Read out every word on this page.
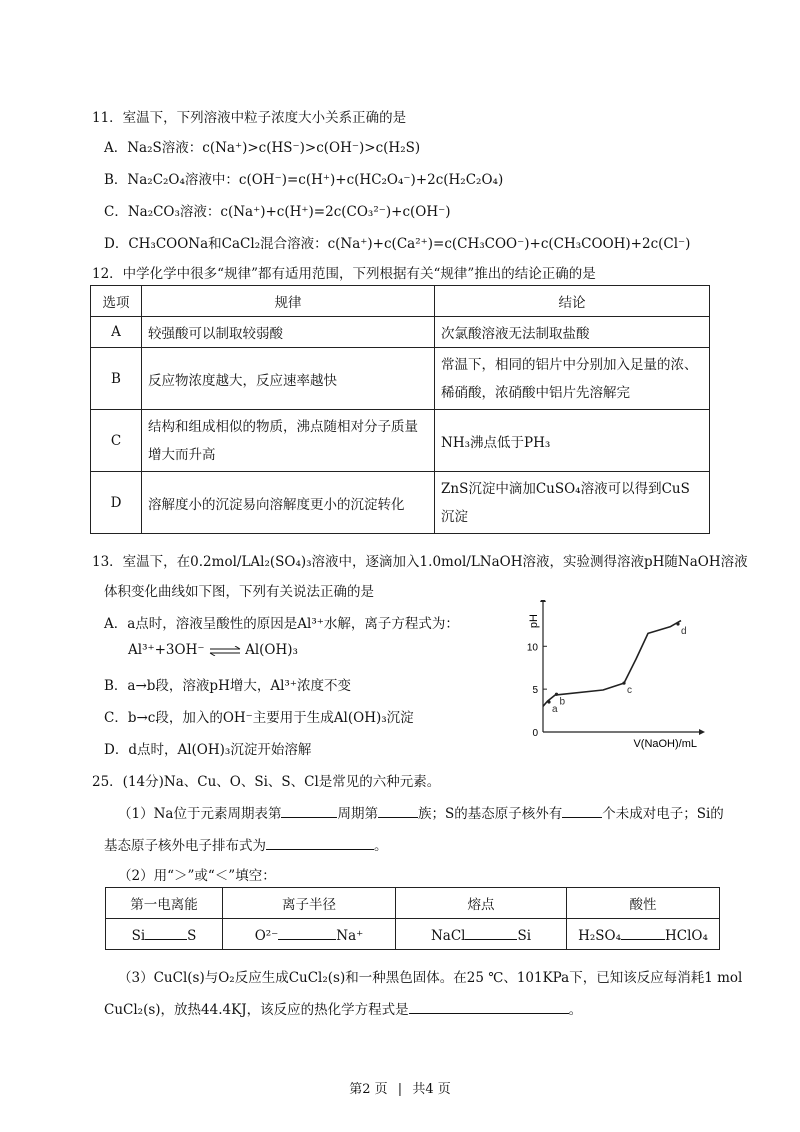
11．室温下，下列溶液中粒子浓度大小关系正确的是
A．Na₂S溶液：c(Na⁺)>c(HS⁻)>c(OH⁻)>c(H₂S)
B．Na₂C₂O₄溶液中：c(OH⁻)=c(H⁺)+c(HC₂O₄⁻)+2c(H₂C₂O₄)
C．Na₂CO₃溶液：c(Na⁺)+c(H⁺)=2c(CO₃²⁻)+c(OH⁻)
D．CH₃COONa和CaCl₂混合溶液：c(Na⁺)+c(Ca²⁺)=c(CH₃COO⁻)+c(CH₃COOH)+2c(Cl⁻)
12．中学化学中很多“规律”都有适用范围，下列根据有关“规律”推出的结论正确的是
选项	规律	结论
A	较强酸可以制取较弱酸	次氯酸溶液无法制取盐酸
B	反应物浓度越大，反应速率越快	常温下，相同的铝片中分别加入足量的浓、稀硝酸，浓硝酸中铝片先溶解完
C	结构和组成相似的物质，沸点随相对分子质量增大而升高	NH₃沸点低于PH₃
D	溶解度小的沉淀易向溶解度更小的沉淀转化	ZnS沉淀中滴加CuSO₄溶液可以得到CuS沉淀
13．室温下，在0.2mol/LAl₂(SO₄)₃溶液中，逐滴加入1.0mol/LNaOH溶液，实验测得溶液pH随NaOH溶液
体积变化曲线如下图，下列有关说法正确的是
A．a点时，溶液呈酸性的原因是Al³⁺水解，离子方程式为：
Al³⁺+3OH⁻ ⇌ Al(OH)₃
B．a→b段，溶液pH增大，Al³⁺浓度不变
C．b→c段，加入的OH⁻主要用于生成Al(OH)₃沉淀
D．d点时，Al(OH)₃沉淀开始溶解
pH
V(NaOH)/mL
0
5
10
a
b
c
d
25．(14分)Na、Cu、O、Si、S、Cl是常见的六种元素。
（1）Na位于元素周期表第	周期第	族；S的基态原子核外有	个未成对电子；Si的
基态原子核外电子排布式为	。
（2）用“＞”或“＜”填空：
第一电离能	离子半径	熔点	酸性
Si S	O²⁻ Na⁺	NaCl Si	H₂SO₄ HClO₄
（3）CuCl(s)与O₂反应生成CuCl₂(s)和一种黑色固体。在25 ℃、101KPa下，已知该反应每消耗1 mol
CuCl₂(s)，放热44.4KJ，该反应的热化学方程式是	。
第2 页 | 共4 页
